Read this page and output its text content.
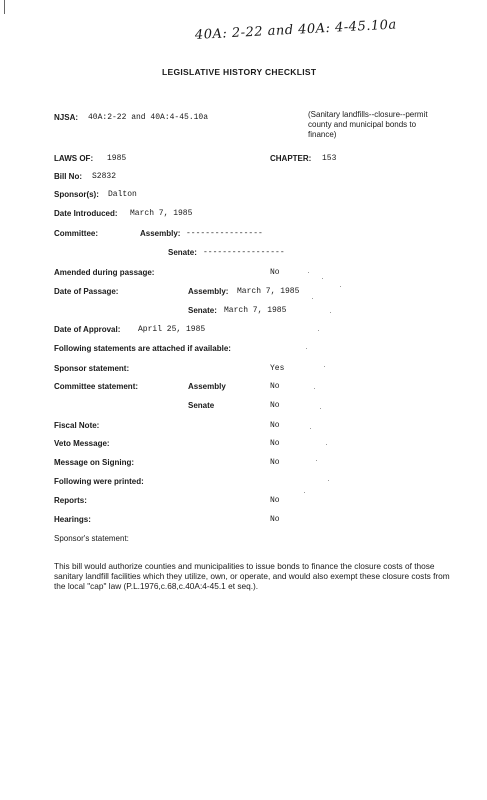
40A: 2-22 and 40A: 4-45.10a
LEGISLATIVE HISTORY CHECKLIST
NJSA: 40A:2-22 and 40A:4-45.10a	(Sanitary landfills--closure--permit county and municipal bonds to finance)
LAWS OF: 1985	CHAPTER: 153
Bill No: S2832
Sponsor(s): Dalton
Date Introduced: March 7, 1985
Committee:	Assembly: ----------------
Senate: -----------------
Amended during passage:	No
Date of Passage:	Assembly: March 7, 1985
Senate: March 7, 1985
Date of Approval: April 25, 1985
Following statements are attached if available:
Sponsor statement:	Yes
Committee statement:	Assembly	No
Senate	No
Fiscal Note:	No
Veto Message:	No
Message on Signing:	No
Following were printed:
Reports:	No
Hearings:	No
Sponsor's statement:
This bill would authorize counties and municipalities to issue bonds to finance the closure costs of those sanitary landfill facilities which they utilize, own, or operate, and would also exempt these closure costs from the local "cap" law (P.L.1976,c.68,c.40A:4-45.1 et seq.).
